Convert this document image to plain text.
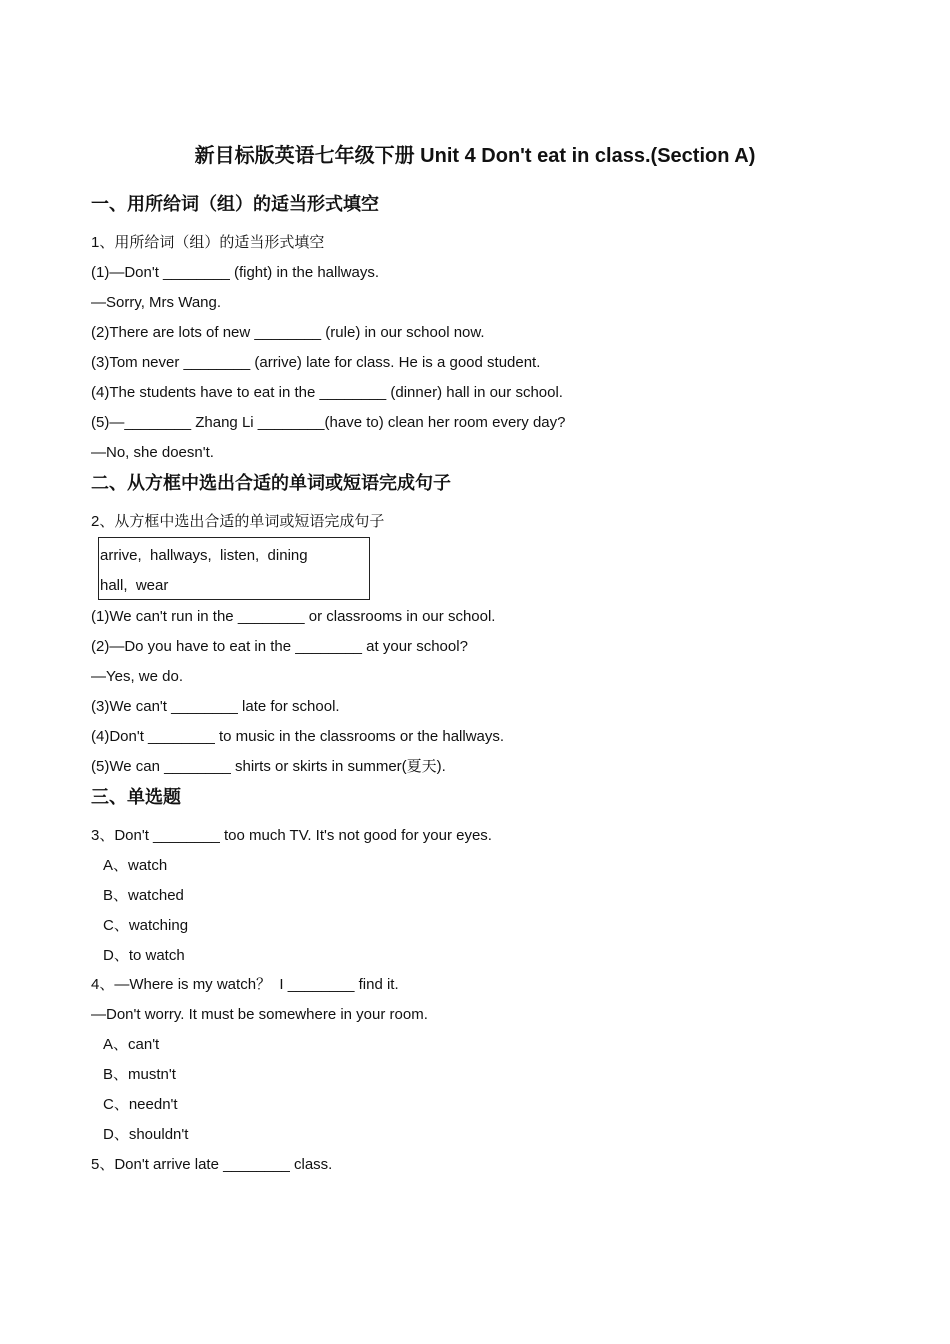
新目标版英语七年级下册 Unit 4 Don't eat in class.(Section A)
一、用所给词（组）的适当形式填空
1、用所给词（组）的适当形式填空
(1)—Don't ________ (fight) in the hallways.
—Sorry, Mrs Wang.
(2)There are lots of new ________ (rule) in our school now.
(3)Tom never ________ (arrive) late for class. He is a good student.
(4)The students have to eat in the ________ (dinner) hall in our school.
(5)—________ Zhang Li ________(have to) clean her room every day?
—No, she doesn't.
二、从方框中选出合适的单词或短语完成句子
2、从方框中选出合适的单词或短语完成句子
arrive,  hallways,  listen,  dining
hall,  wear
(1)We can't run in the ________ or classrooms in our school.
(2)—Do you have to eat in the ________ at your school?
—Yes, we do.
(3)We can't ________ late for school.
(4)Don't ________ to music in the classrooms or the hallways.
(5)We can ________ shirts or skirts in summer(夏天).
三、单选题
3、Don't ________ too much TV. It's not good for your eyes.
A、watch
B、watched
C、watching
D、to watch
4、—Where is my watch？  I ________ find it.
—Don't worry. It must be somewhere in your room.
A、can't
B、mustn't
C、needn't
D、shouldn't
5、Don't arrive late ________ class.
